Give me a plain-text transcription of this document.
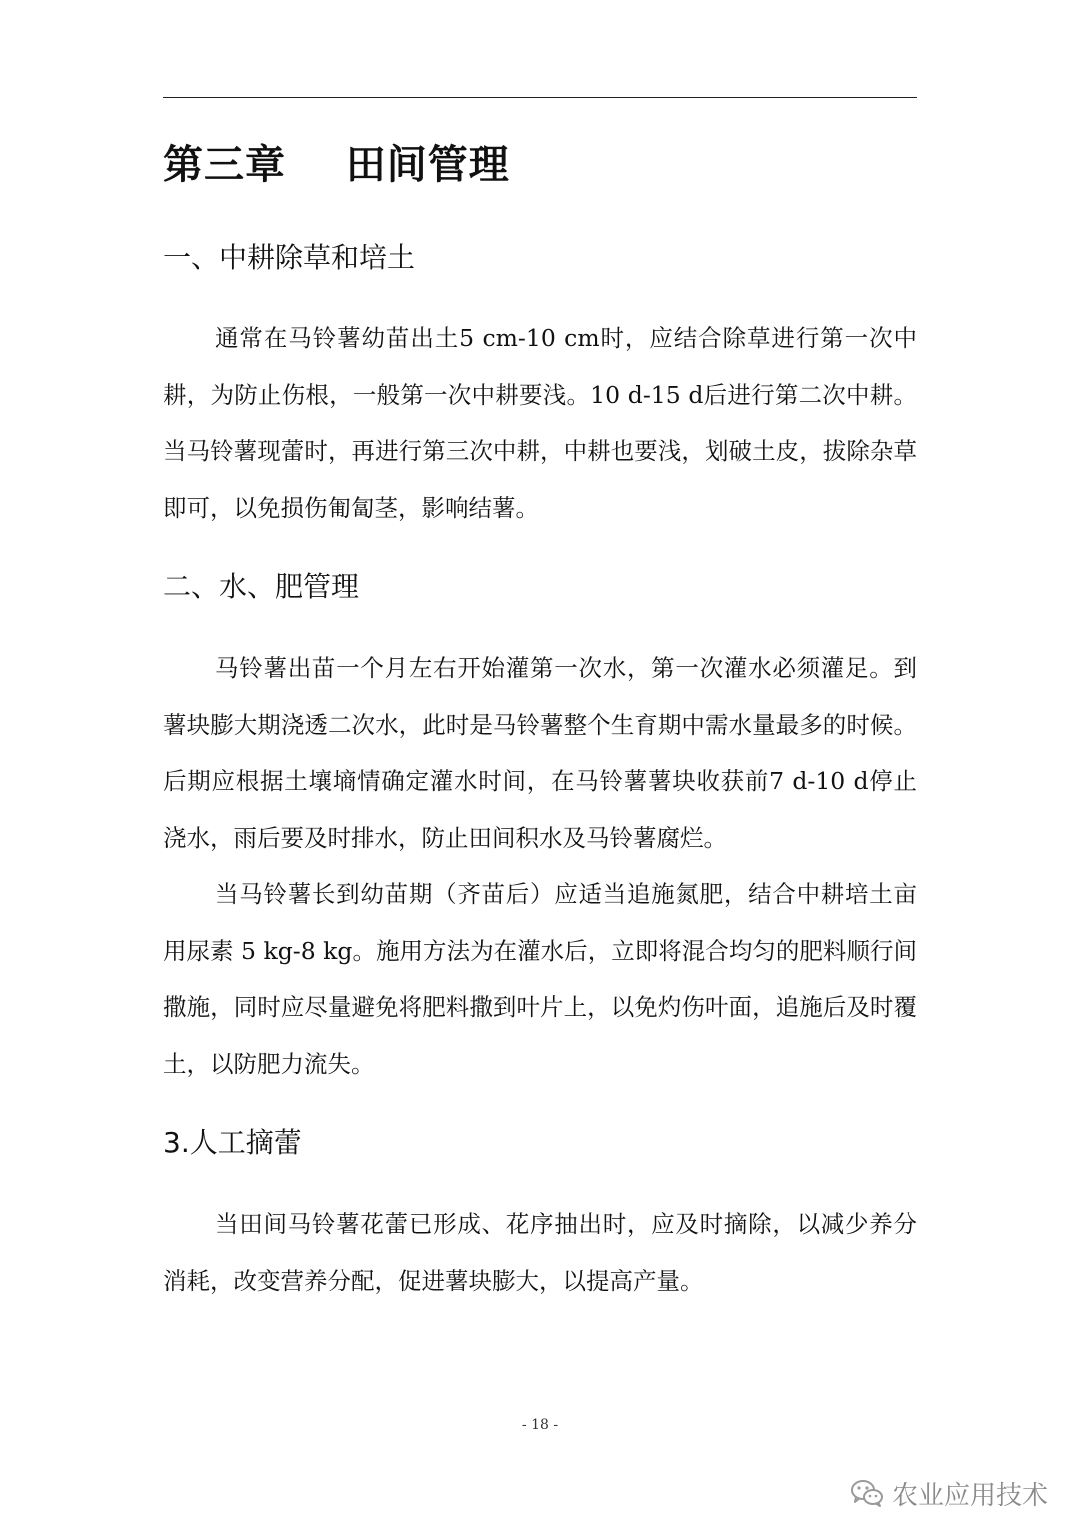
第三章    田间管理
一、中耕除草和培土

通常在马铃薯幼苗出土5 cm-10 cm时，应结合除草进行第一次中耕，为防止伤根，一般第一次中耕要浅。10 d-15 d后进行第二次中耕。当马铃薯现蕾时，再进行第三次中耕，中耕也要浅，划破土皮，拔除杂草即可，以免损伤匍匐茎，影响结薯。

二、水、肥管理

马铃薯出苗一个月左右开始灌第一次水，第一次灌水必须灌足。到薯块膨大期浇透二次水，此时是马铃薯整个生育期中需水量最多的时候。后期应根据土壤墒情确定灌水时间，在马铃薯薯块收获前7 d-10 d停止浇水，雨后要及时排水，防止田间积水及马铃薯腐烂。

当马铃薯长到幼苗期（齐苗后）应适当追施氮肥，结合中耕培土亩用尿素 5 kg-8 kg。施用方法为在灌水后，立即将混合均匀的肥料顺行间撒施，同时应尽量避免将肥料撒到叶片上，以免灼伤叶面，追施后及时覆土，以防肥力流失。

3.人工摘蕾

当田间马铃薯花蕾已形成、花序抽出时，应及时摘除，以减少养分消耗，改变营养分配，促进薯块膨大，以提高产量。

- 18 -
农业应用技术
